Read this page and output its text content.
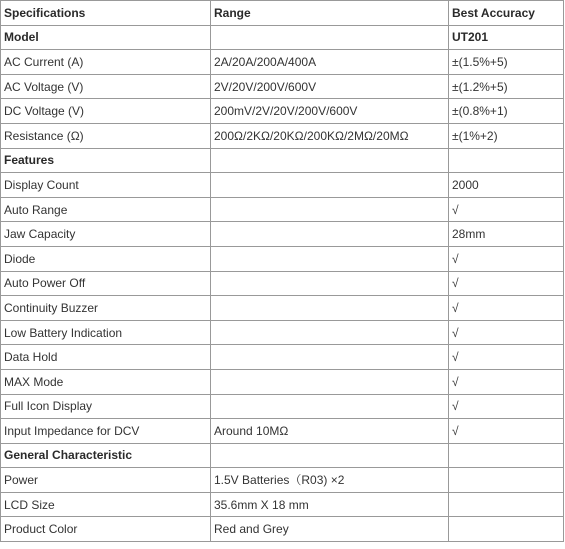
Specifications	Range	Best Accuracy
Model		UT201
AC Current (A)	2A/20A/200A/400A	±(1.5%+5)
AC Voltage (V)	2V/20V/200V/600V	±(1.2%+5)
DC Voltage (V)	200mV/2V/20V/200V/600V	±(0.8%+1)
Resistance (Ω)	200Ω/2KΩ/20KΩ/200KΩ/2MΩ/20MΩ	±(1%+2)
Features		
Display Count		2000
Auto Range		√
Jaw Capacity		28mm
Diode		√
Auto Power Off		√
Continuity Buzzer		√
Low Battery Indication		√
Data Hold		√
MAX Mode		√
Full Icon Display		√
Input Impedance for DCV	Around 10MΩ	√
General Characteristic		
Power	1.5V Batteries（R03) ×2	
LCD Size	35.6mm X 18 mm	
Product Color	Red and Grey	
